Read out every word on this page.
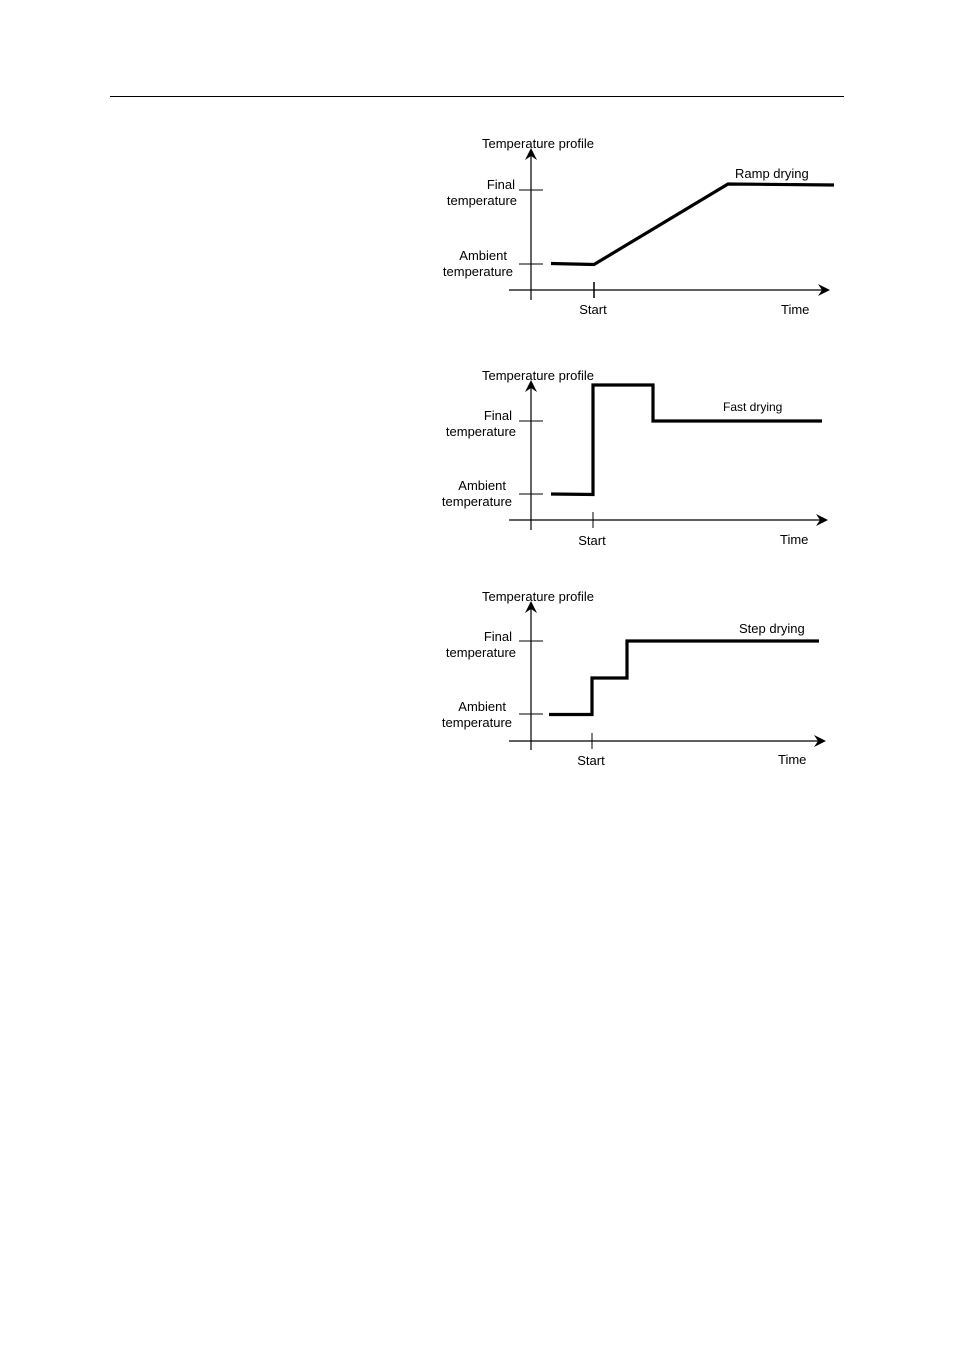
Temperature profile
Final
temperature
Ambient
temperature
Start	Time
Ramp drying
Temperature profile
Final
temperature
Ambient
temperature
Start	Time
Fast drying
Temperature profile
Final
temperature
Ambient
temperature
Start	Time
Step drying
